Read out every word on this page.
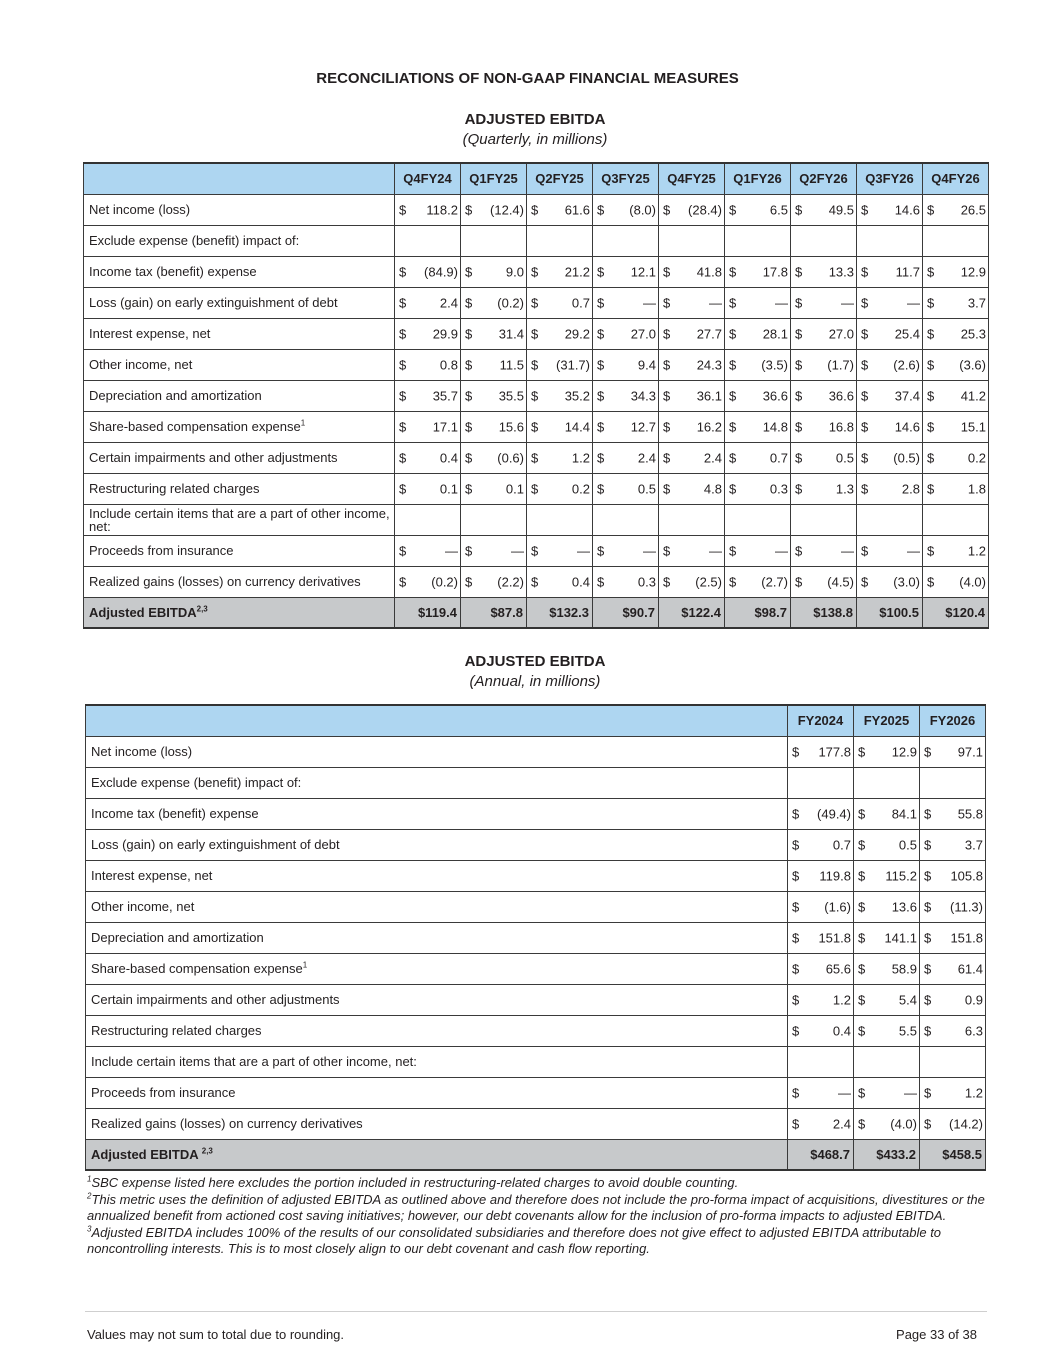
RECONCILIATIONS OF NON-GAAP FINANCIAL MEASURES
ADJUSTED EBITDA
(Quarterly, in millions)
	Q4FY24	Q1FY25	Q2FY25	Q3FY25	Q4FY25	Q1FY26	Q2FY26	Q3FY26	Q4FY26
Net income (loss)	$ 118.2	$ (12.4)	$ 61.6	$ (8.0)	$ (28.4)	$ 6.5	$ 49.5	$ 14.6	$ 26.5

Exclude expense (benefit) impact of:									
Income tax (benefit) expense	$ (84.9)	$ 9.0	$ 21.2	$ 12.1	$ 41.8	$ 17.8	$ 13.3	$ 11.7	$ 12.9

Loss (gain) on early extinguishment of debt	$ 2.4	$ (0.2)	$ 0.7	$ —	$ —	$ —	$ —	$ —	$ 3.7

Interest expense, net	$ 29.9	$ 31.4	$ 29.2	$ 27.0	$ 27.7	$ 28.1	$ 27.0	$ 25.4	$ 25.3

Other income, net	$ 0.8	$ 11.5	$ (31.7)	$ 9.4	$ 24.3	$ (3.5)	$ (1.7)	$ (2.6)	$ (3.6)

Depreciation and amortization	$ 35.7	$ 35.5	$ 35.2	$ 34.3	$ 36.1	$ 36.6	$ 36.6	$ 37.4	$ 41.2

Share-based compensation expense$^1$	$ 17.1	$ 15.6	$ 14.4	$ 12.7	$ 16.2	$ 14.8	$ 16.8	$ 14.6	$ 15.1

Certain impairments and other adjustments	$ 0.4	$ (0.6)	$ 1.2	$ 2.4	$ 2.4	$ 0.7	$ 0.5	$ (0.5)	$ 0.2

Restructuring related charges	$ 0.1	$ 0.1	$ 0.2	$ 0.5	$ 4.8	$ 0.3	$ 1.3	$ 2.8	$ 1.8

Include certain items that are a part of other income, net:									
Proceeds from insurance	$ —	$ —	$ —	$ —	$ —	$ —	$ —	$ —	$ 1.2

Realized gains (losses) on currency derivatives	$ (0.2)	$ (2.2)	$ 0.4	$ 0.3	$ (2.5)	$ (2.7)	$ (4.5)	$ (3.0)	$ (4.0)

Adjusted EBITDA$^{2,3}$	$119.4	$87.8	$132.3	$90.7	$122.4	$98.7	$138.8	$100.5	$120.4
ADJUSTED EBITDA
(Annual, in millions)
	FY2024	FY2025	FY2026
Net income (loss)	$ 177.8	$ 12.9	$ 97.1

Exclude expense (benefit) impact of:			
Income tax (benefit) expense	$ (49.4)	$ 84.1	$ 55.8

Loss (gain) on early extinguishment of debt	$ 0.7	$ 0.5	$ 3.7

Interest expense, net	$ 119.8	$ 115.2	$ 105.8

Other income, net	$ (1.6)	$ 13.6	$ (11.3)

Depreciation and amortization	$ 151.8	$ 141.1	$ 151.8

Share-based compensation expense$^1$	$ 65.6	$ 58.9	$ 61.4

Certain impairments and other adjustments	$ 1.2	$ 5.4	$ 0.9

Restructuring related charges	$ 0.4	$ 5.5	$ 6.3

Include certain items that are a part of other income, net:			
Proceeds from insurance	$ —	$ —	$ 1.2

Realized gains (losses) on currency derivatives	$ 2.4	$ (4.0)	$ (14.2)

Adjusted EBITDA $^{2,3}$	$468.7	$433.2	$458.5

$^1$SBC expense listed here excludes the portion included in restructuring-related charges to avoid double counting.

$^2$This metric uses the definition of adjusted EBITDA as outlined above and therefore does not include the pro-forma impact of acquisitions, divestitures or the annualized benefit from actioned cost saving initiatives; however, our debt covenants allow for the inclusion of pro-forma impacts to adjusted EBITDA.

$^3$Adjusted EBITDA includes 100% of the results of our consolidated subsidiaries and therefore does not give effect to adjusted EBITDA attributable to noncontrolling interests. This is to most closely align to our debt covenant and cash flow reporting.

Values may not sum to total due to rounding.	Page 33 of 38
